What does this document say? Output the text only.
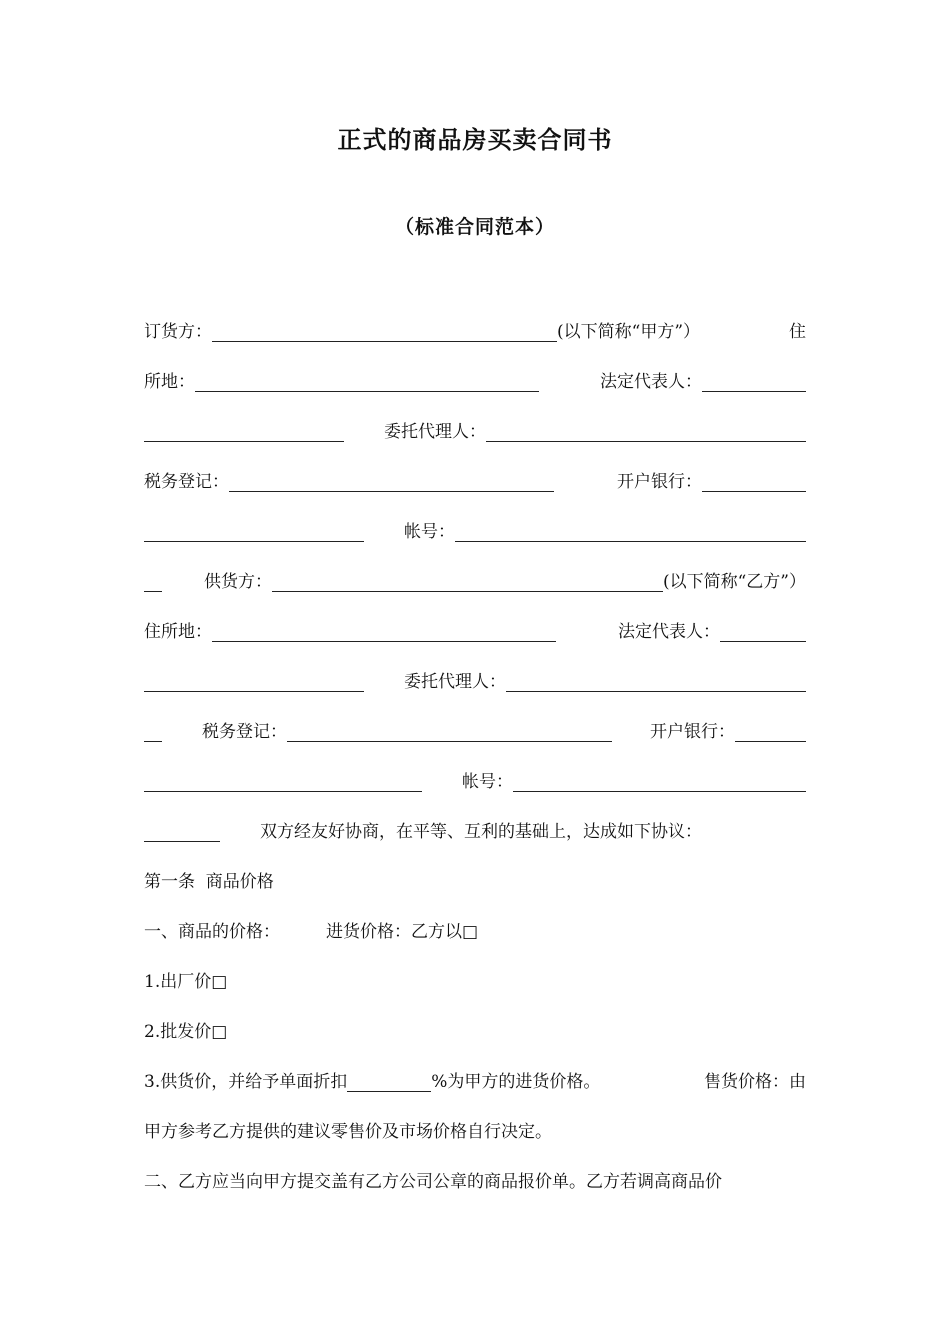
正式的商品房买卖合同书
（标准合同范本）
订货方：	(以下简称“甲方”）	住
所地：	法定代表人：
委托代理人：
税务登记：	开户银行：
帐号：
供货方：	(以下简称“乙方”）
住所地：	法定代表人：
委托代理人：
税务登记：	开户银行：
帐号：
双方经友好协商，在平等、互利的基础上，达成如下协议：
第一条  商品价格
一、商品的价格：	进货价格：乙方以□
1.出厂价□
2.批发价□
3.供货价，并给予单面折扣	%为甲方的进货价格。	售货价格：由
甲方参考乙方提供的建议零售价及市场价格自行决定。
二、乙方应当向甲方提交盖有乙方公司公章的商品报价单。乙方若调高商品价
